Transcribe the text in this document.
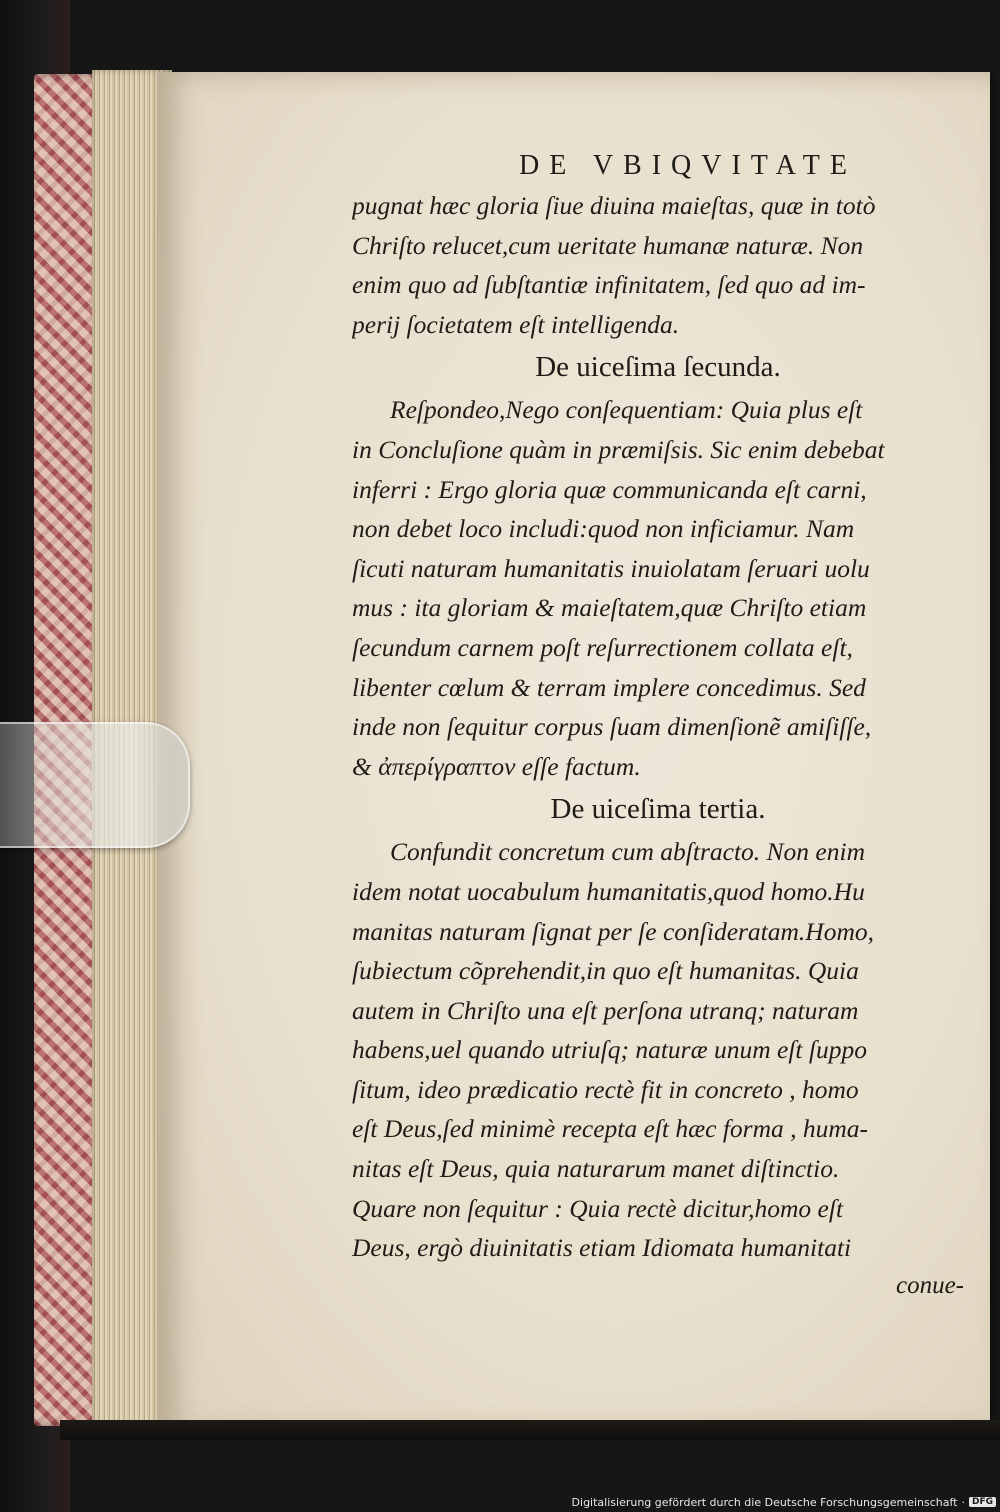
DE VBIQVITATE
pugnat hæc gloria ſiue diuina maieſtas, quæ in totò
Chriſto relucet,cum ueritate humanæ naturæ. Non
enim quo ad ſubſtantiæ infinitatem, ſed quo ad im-
perij ſocietatem eſt intelligenda.
De uiceſima ſecunda.
Reſpondeo,Nego conſequentiam: Quia plus eſt
in Concluſione quàm in præmiſsis. Sic enim debebat
inferri : Ergo gloria quæ communicanda eſt carni,
non debet loco includi:quod non inficiamur. Nam
ſicuti naturam humanitatis inuiolatam ſeruari uolu
mus : ita gloriam & maieſtatem,quæ Chriſto etiam
ſecundum carnem poſt reſurrectionem collata eſt,
libenter cœlum & terram implere concedimus. Sed
inde non ſequitur corpus ſuam dimenſionẽ amiſiſſe,
& ἀπερίγραπτον eſſe factum.
De uiceſima tertia.
Confundit concretum cum abſtracto. Non enim
idem notat uocabulum humanitatis,quod homo.Hu
manitas naturam ſignat per ſe conſideratam.Homo,
ſubiectum cõprehendit,in quo eſt humanitas. Quia
autem in Chriſto una eſt perſona utranq; naturam
habens,uel quando utriuſq; naturæ unum eſt ſuppo
ſitum, ideo prædicatio rectè fit in concreto , homo
eſt Deus,ſed minimè recepta eſt hæc forma , huma-
nitas eſt Deus, quia naturarum manet diſtinctio.
Quare non ſequitur : Quia rectè dicitur,homo eſt
Deus, ergò diuinitatis etiam Idiomata humanitati
conue-
Digitalisierung gefördert durch die Deutsche Forschungsgemeinschaft · DFG
